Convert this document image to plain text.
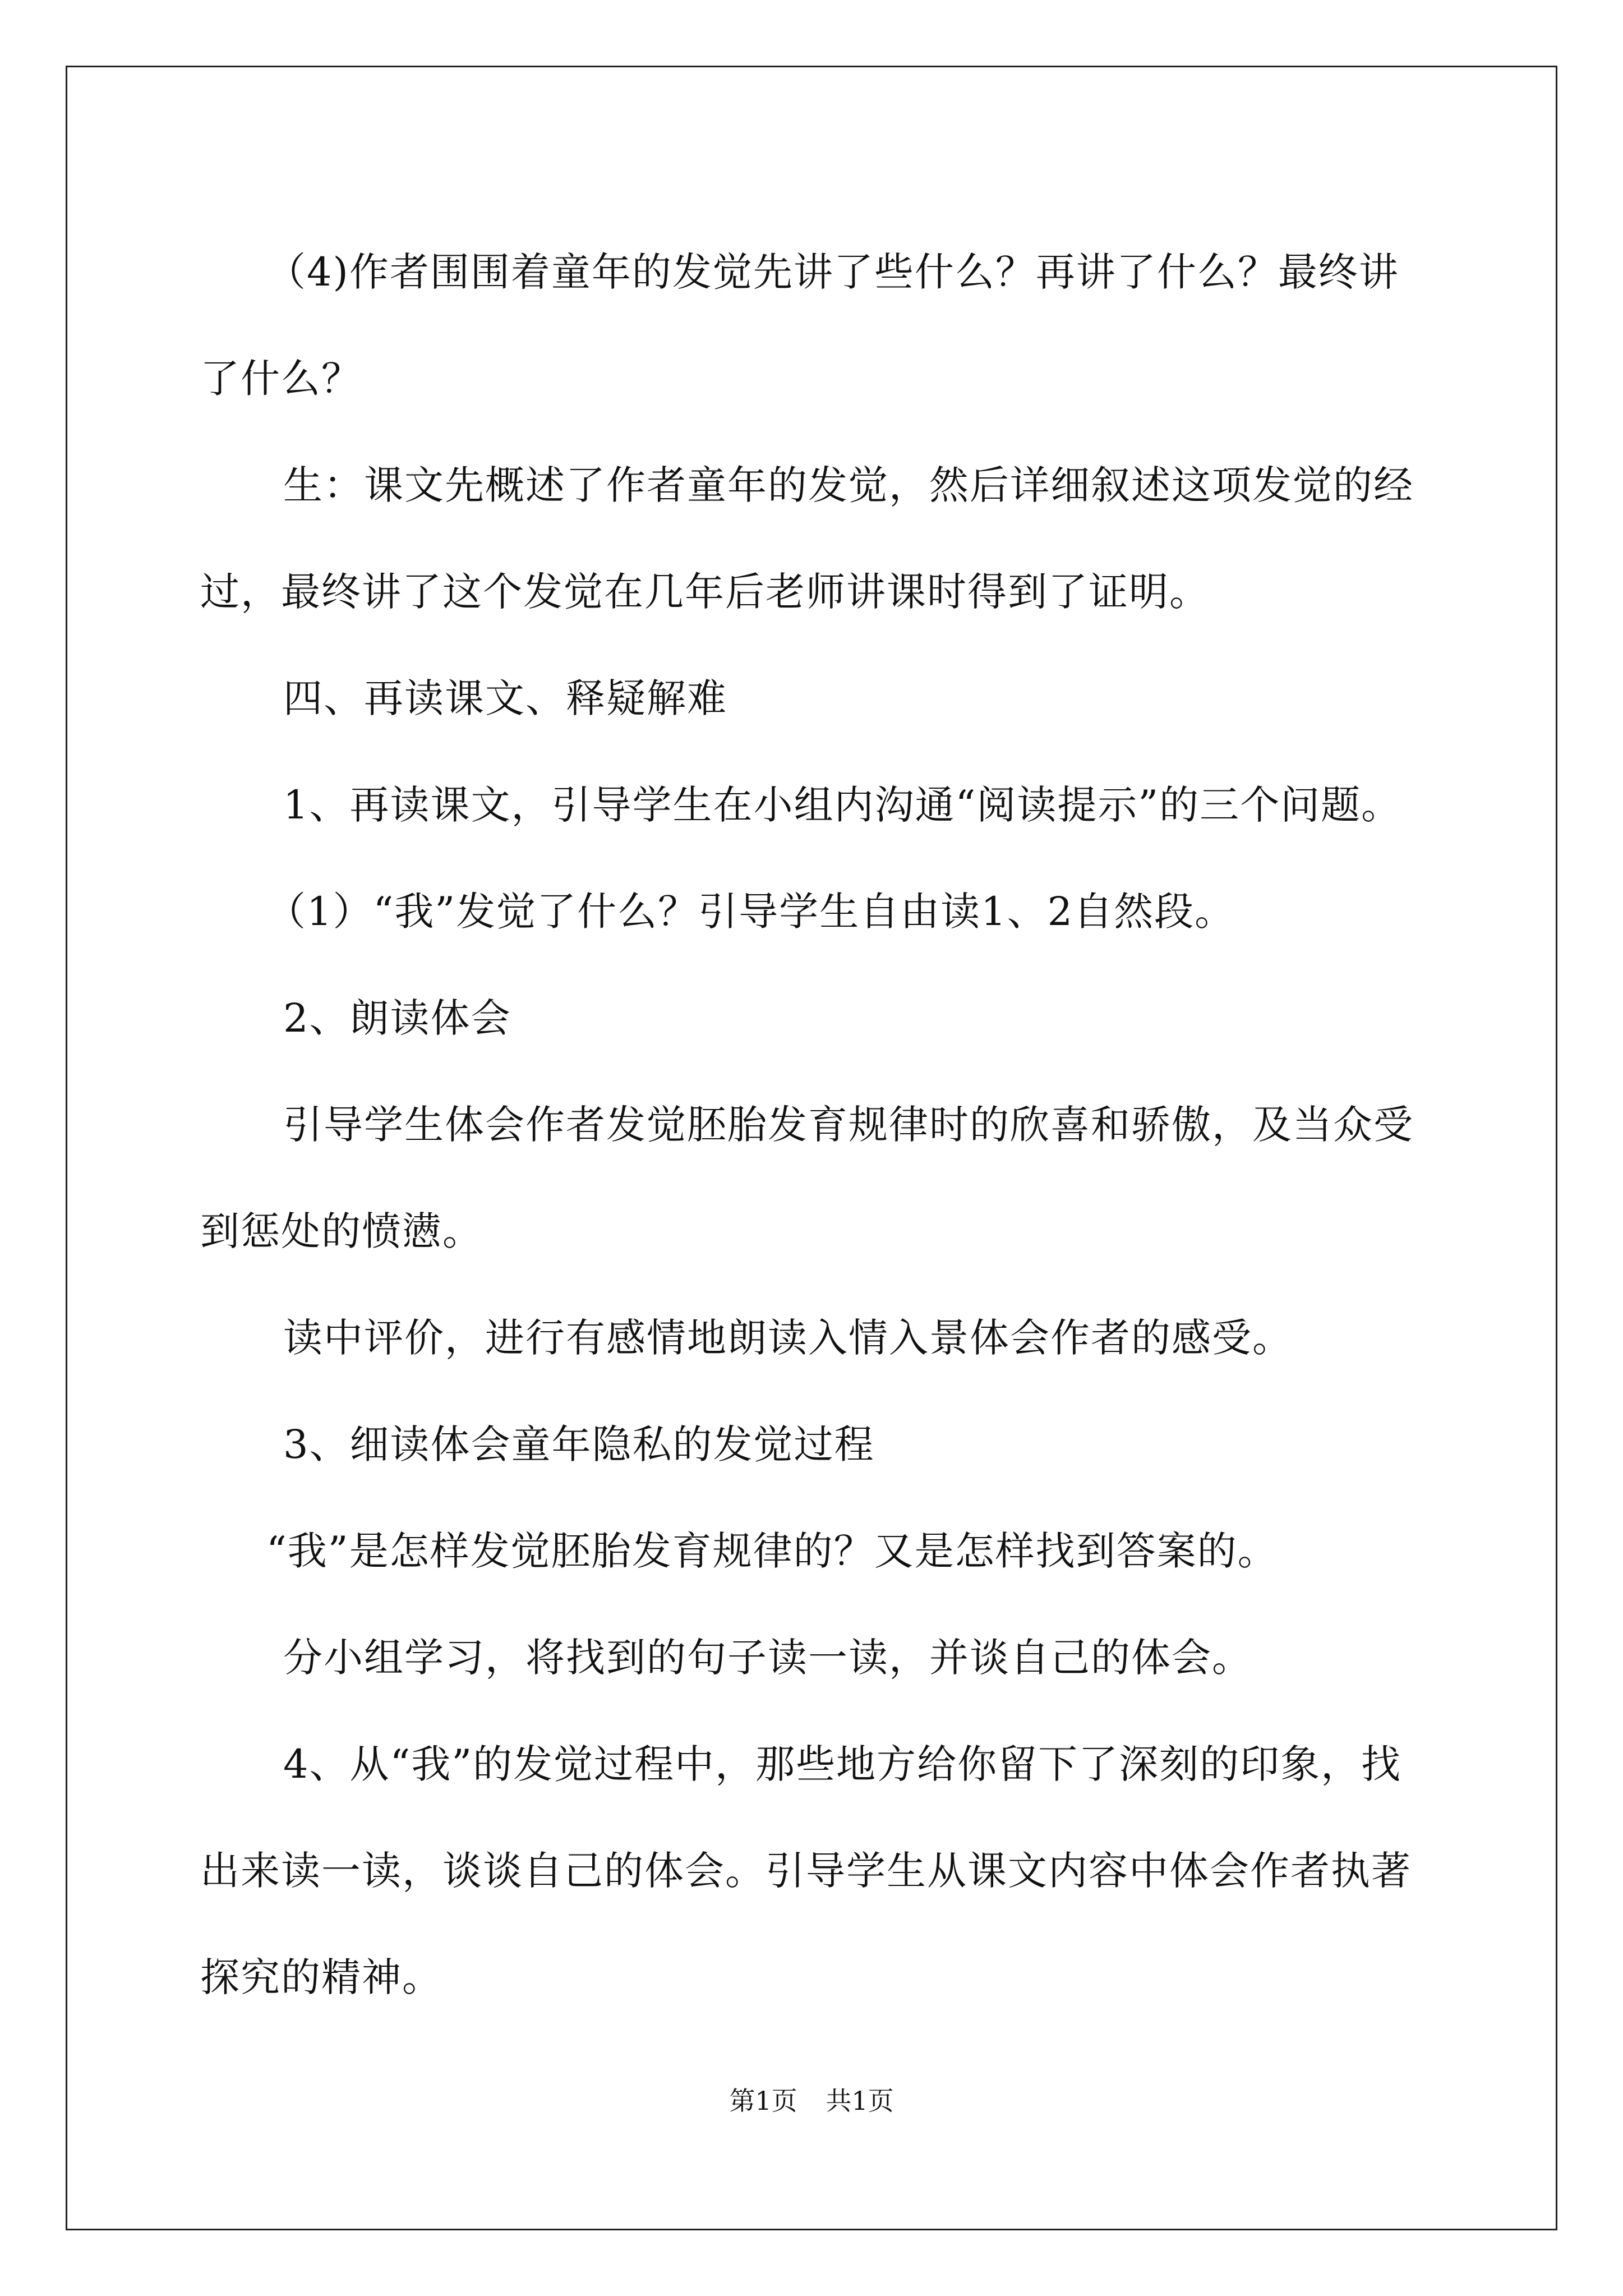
（4)作者围围着童年的发觉先讲了些什么？再讲了什么？最终讲了什么？

生：课文先概述了作者童年的发觉，然后详细叙述这项发觉的经过，最终讲了这个发觉在几年后老师讲课时得到了证明。

四、再读课文、释疑解难

1、再读课文，引导学生在小组内沟通“阅读提示”的三个问题。

（1）“我”发觉了什么？引导学生自由读1、2自然段。

2、朗读体会

引导学生体会作者发觉胚胎发育规律时的欣喜和骄傲，及当众受到惩处的愤懑。

读中评价，进行有感情地朗读入情入景体会作者的感受。

3、细读体会童年隐私的发觉过程

“我”是怎样发觉胚胎发育规律的？又是怎样找到答案的。

分小组学习，将找到的句子读一读，并谈自己的体会。

4、从“我”的发觉过程中，那些地方给你留下了深刻的印象，找出来读一读，谈谈自己的体会。引导学生从课文内容中体会作者执著探究的精神。

第1页 共1页
